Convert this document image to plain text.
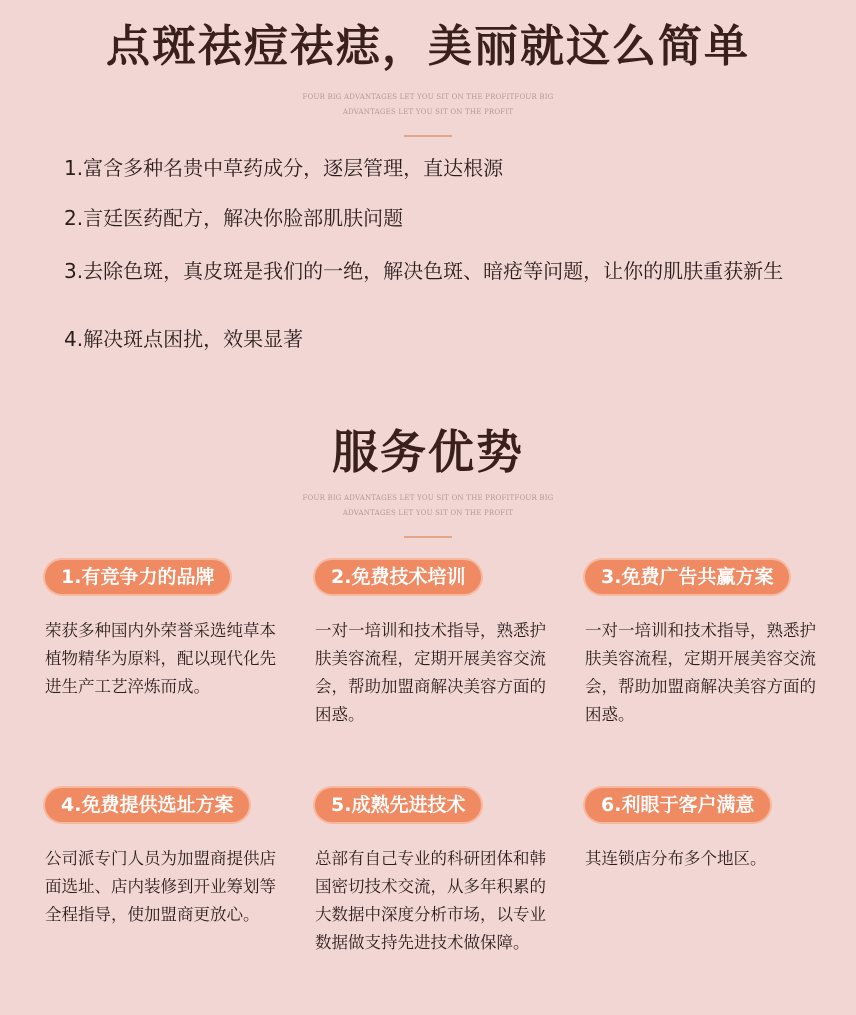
点斑祛痘祛痣，美丽就这么简单
FOUR BIG ADVANTAGES LET YOU SIT ON THE PROFITFOUR BIG ADVANTAGES LET YOU SIT ON THE PROFIT
1.富含多种名贵中草药成分，逐层管理，直达根源
2.言廷医药配方，解决你脸部肌肤问题
3.去除色斑，真皮斑是我们的一绝，解决色斑、暗疮等问题，让你的肌肤重获新生
4.解决斑点困扰，效果显著
服务优势
FOUR BIG ADVANTAGES LET YOU SIT ON THE PROFITFOUR BIG ADVANTAGES LET YOU SIT ON THE PROFIT
1.有竞争力的品牌
荣获多种国内外荣誉采选纯草本植物精华为原料，配以现代化先进生产工艺淬炼而成。
2.免费技术培训
一对一培训和技术指导，熟悉护肤美容流程，定期开展美容交流会，帮助加盟商解决美容方面的困惑。
3.免费广告共赢方案
一对一培训和技术指导，熟悉护肤美容流程，定期开展美容交流会，帮助加盟商解决美容方面的困惑。
4.免费提供选址方案
公司派专门人员为加盟商提供店面选址、店内装修到开业筹划等全程指导，使加盟商更放心。
5.成熟先进技术
总部有自己专业的科研团体和韩国密切技术交流，从多年积累的大数据中深度分析市场，以专业数据做支持先进技术做保障。
6.利眼于客户满意
其连锁店分布多个地区。
